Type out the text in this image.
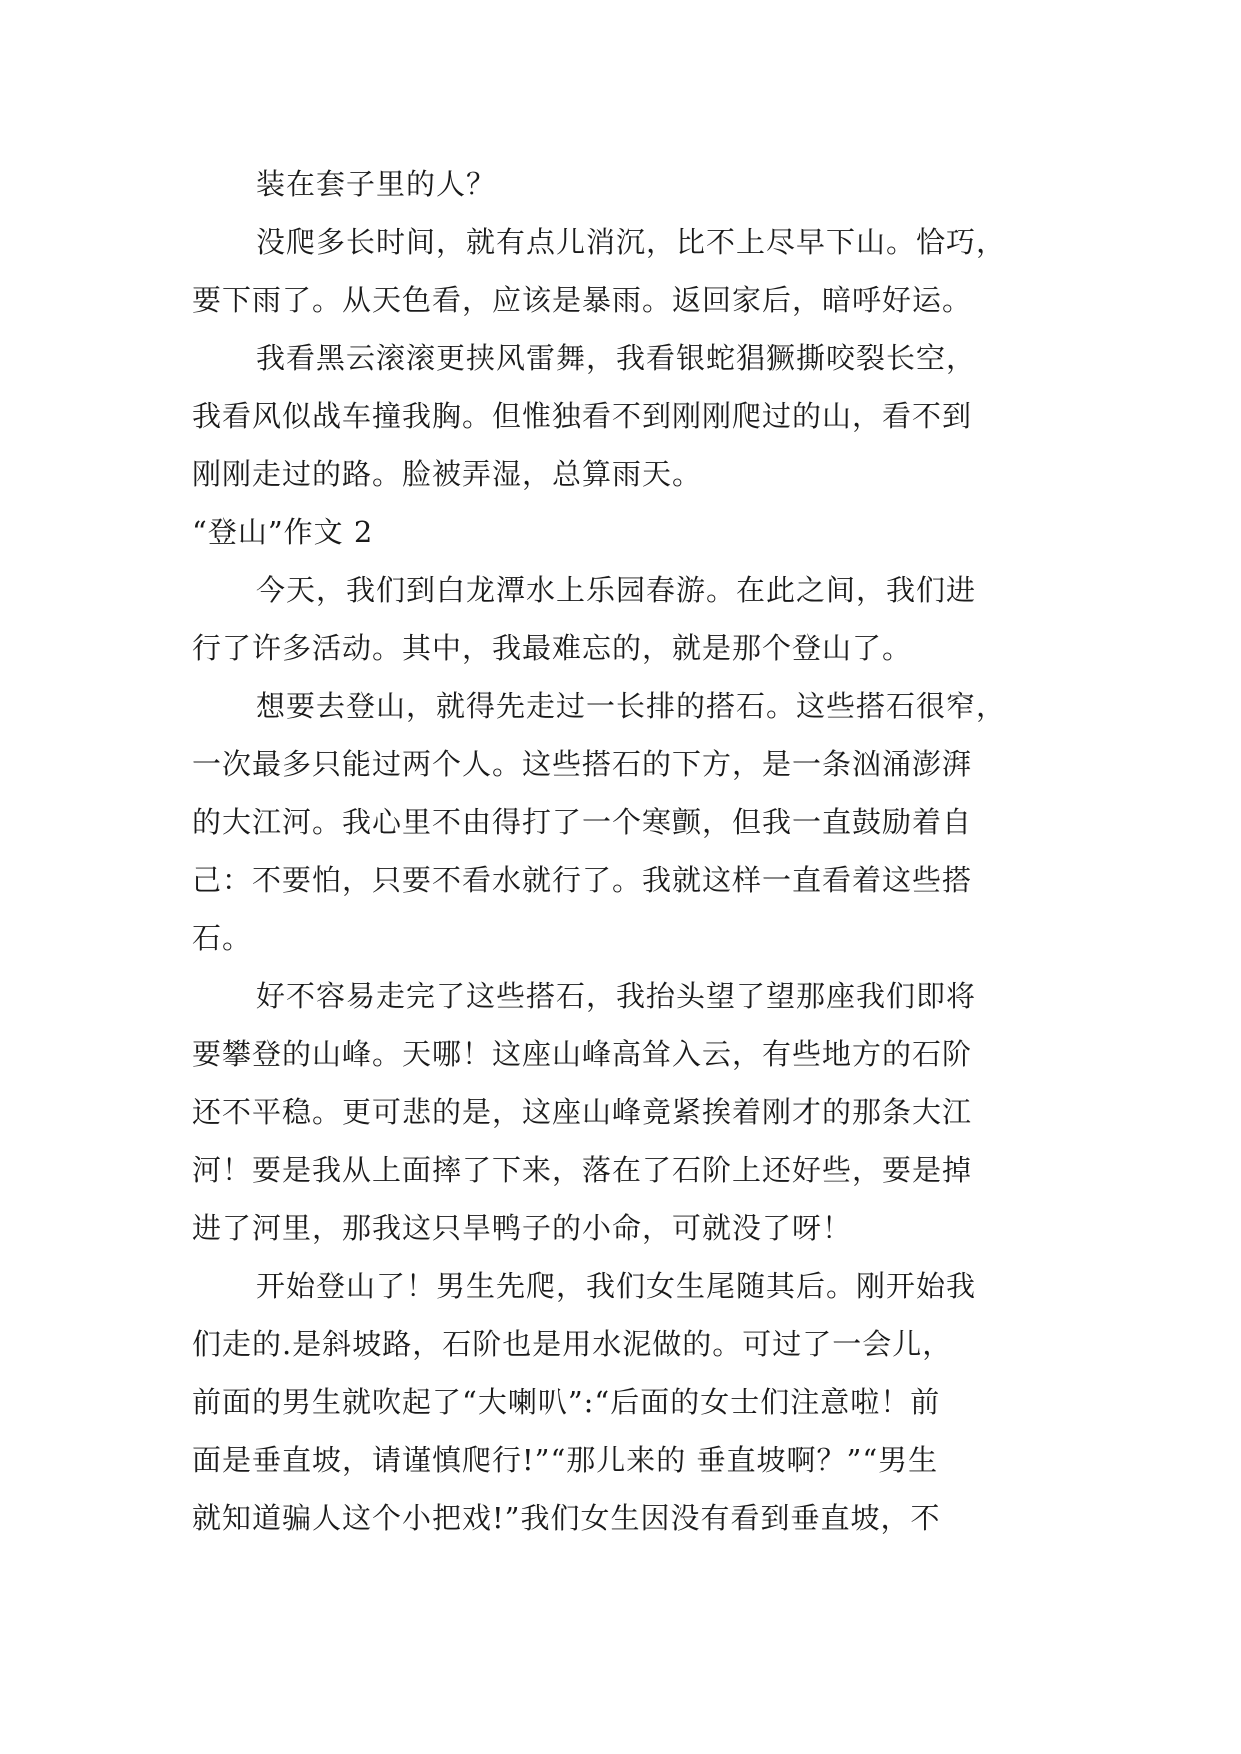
装在套子里的人？
没爬多长时间，就有点儿消沉，比不上尽早下山。恰巧，
要下雨了。从天色看，应该是暴雨。返回家后，暗呼好运。
我看黑云滚滚更挟风雷舞，我看银蛇猖獗撕咬裂长空，
我看风似战车撞我胸。但惟独看不到刚刚爬过的山，看不到
刚刚走过的路。脸被弄湿，总算雨天。
“登山”作文 2
今天，我们到白龙潭水上乐园春游。在此之间，我们进
行了许多活动。其中，我最难忘的，就是那个登山了。
想要去登山，就得先走过一长排的搭石。这些搭石很窄，
一次最多只能过两个人。这些搭石的下方，是一条汹涌澎湃
的大江河。我心里不由得打了一个寒颤，但我一直鼓励着自
己：不要怕，只要不看水就行了。我就这样一直看着这些搭
石。
好不容易走完了这些搭石，我抬头望了望那座我们即将
要攀登的山峰。天哪！这座山峰高耸入云，有些地方的石阶
还不平稳。更可悲的是，这座山峰竟紧挨着刚才的那条大江
河！要是我从上面摔了下来，落在了石阶上还好些，要是掉
进了河里，那我这只旱鸭子的小命，可就没了呀！
开始登山了！男生先爬，我们女生尾随其后。刚开始我
们走的.是斜坡路，石阶也是用水泥做的。可过了一会儿，
前面的男生就吹起了“大喇叭”:“后面的女士们注意啦！前
面是垂直坡，请谨慎爬行!”“那儿来的 垂直坡啊？”“男生
就知道骗人这个小把戏!”我们女生因没有看到垂直坡，不
